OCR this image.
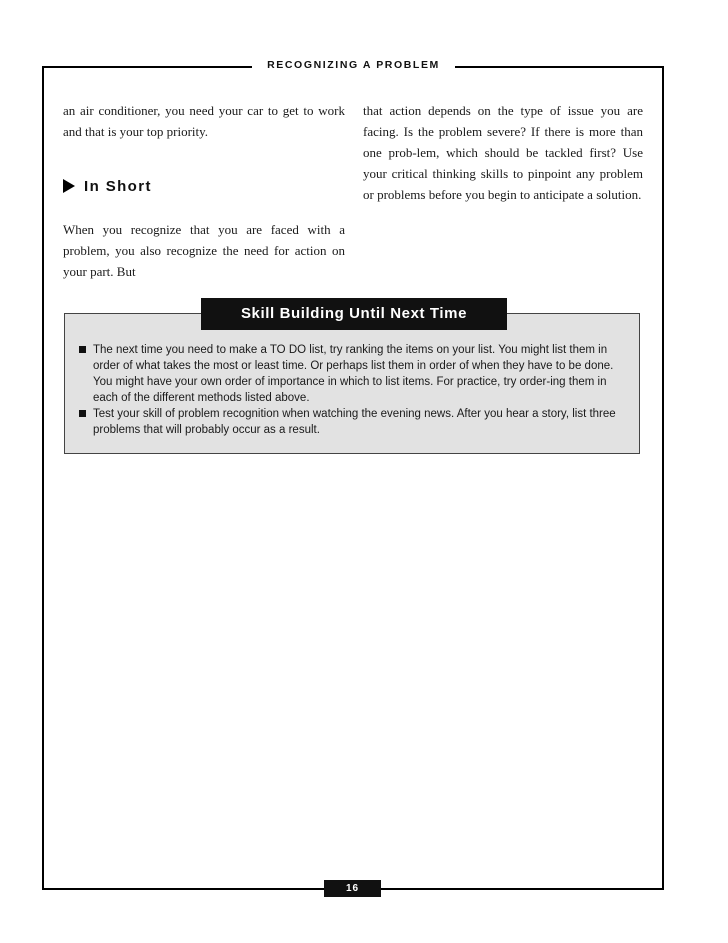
RECOGNIZING A PROBLEM

an air conditioner, you need your car to get to work and that is your top priority.

In Short

When you recognize that you are faced with a problem, you also recognize the need for action on your part. But

that action depends on the type of issue you are facing. Is the problem severe? If there is more than one prob-lem, which should be tackled first? Use your critical thinking skills to pinpoint any problem or problems before you begin to anticipate a solution.

Skill Building Until Next Time
The next time you need to make a TO DO list, try ranking the items on your list. You might list them in order of what takes the most or least time. Or perhaps list them in order of when they have to be done. You might have your own order of importance in which to list items. For practice, try order-ing them in each of the different methods listed above.
Test your skill of problem recognition when watching the evening news. After you hear a story, list three problems that will probably occur as a result.
16
